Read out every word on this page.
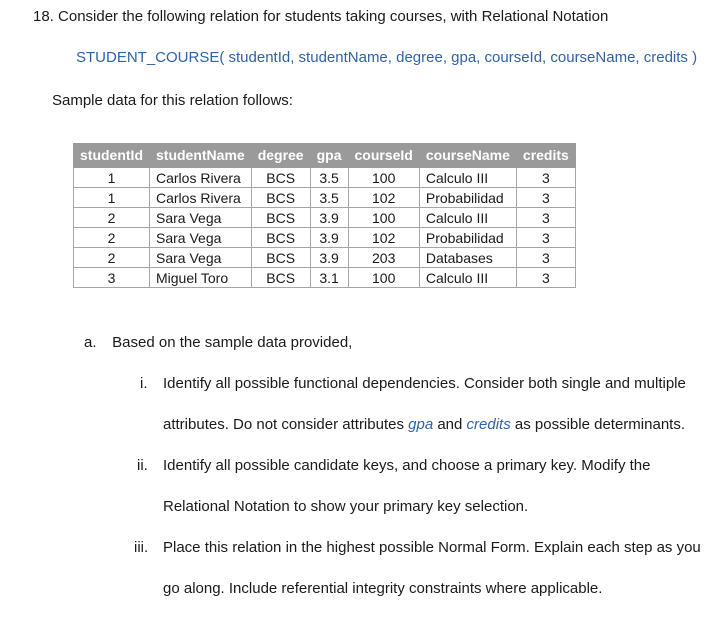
18. Consider the following relation for students taking courses, with Relational Notation
STUDENT_COURSE( studentId, studentName, degree, gpa, courseId, courseName, credits )
Sample data for this relation follows:
studentId	studentName	degree	gpa	courseId	courseName	credits
1	Carlos Rivera	BCS	3.5	100	Calculo III	3
1	Carlos Rivera	BCS	3.5	102	Probabilidad	3
2	Sara Vega	BCS	3.9	100	Calculo III	3
2	Sara Vega	BCS	3.9	102	Probabilidad	3
2	Sara Vega	BCS	3.9	203	Databases	3
3	Miguel Toro	BCS	3.1	100	Calculo III	3
a. Based on the sample data provided,
i. Identify all possible functional dependencies. Consider both single and multiple
attributes. Do not consider attributes gpa and credits as possible determinants.
ii. Identify all possible candidate keys, and choose a primary key. Modify the
Relational Notation to show your primary key selection.
iii. Place this relation in the highest possible Normal Form. Explain each step as you
go along. Include referential integrity constraints where applicable.
